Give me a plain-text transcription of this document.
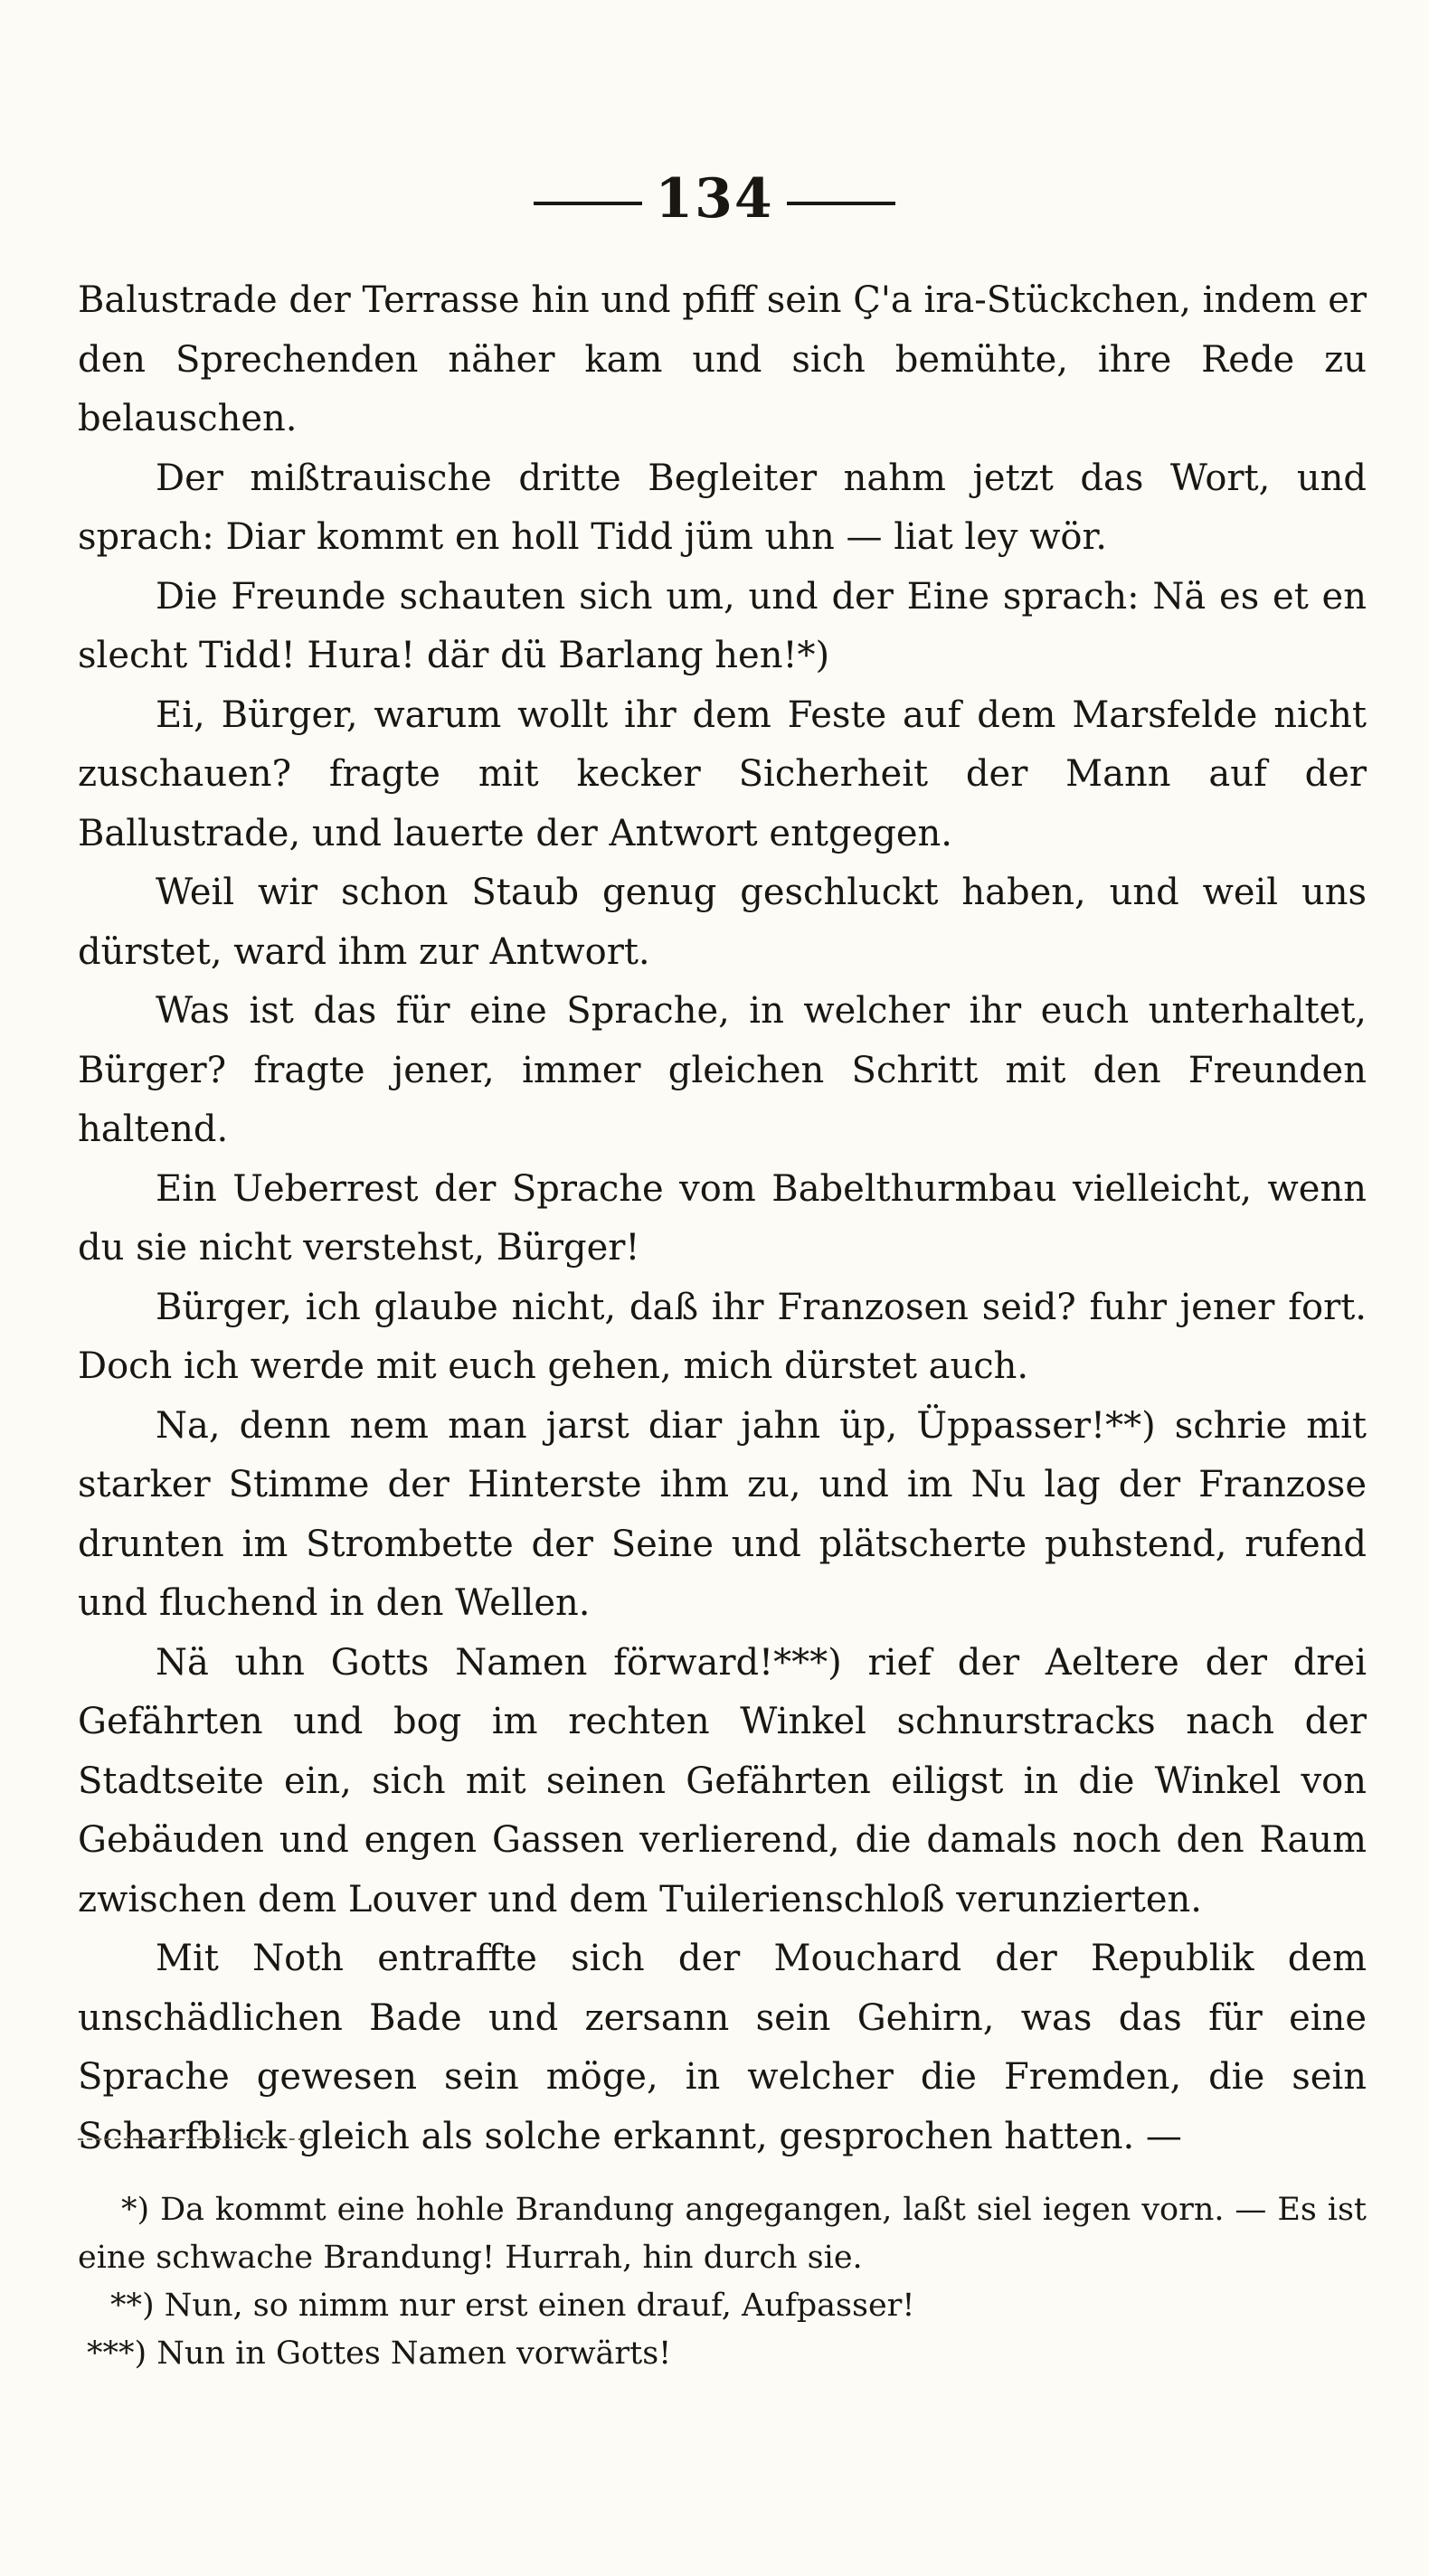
134

Balustrade der Terrasse hin und pfiff sein Ç'a ira-Stückchen, indem er den Sprechenden näher kam und sich bemühte, ihre Rede zu belauschen.

Der mißtrauische dritte Begleiter nahm jetzt das Wort, und sprach: Diar kommt en holl Tidd jüm uhn — liat ley wör.

Die Freunde schauten sich um, und der Eine sprach: Nä es et en slecht Tidd! Hura! där dü Barlang hen!*)

Ei, Bürger, warum wollt ihr dem Feste auf dem Marsfelde nicht zuschauen? fragte mit kecker Sicherheit der Mann auf der Ballustrade, und lauerte der Antwort entgegen.

Weil wir schon Staub genug geschluckt haben, und weil uns dürstet, ward ihm zur Antwort.

Was ist das für eine Sprache, in welcher ihr euch unterhaltet, Bürger? fragte jener, immer gleichen Schritt mit den Freunden haltend.

Ein Ueberrest der Sprache vom Babelthurmbau vielleicht, wenn du sie nicht verstehst, Bürger!

Bürger, ich glaube nicht, daß ihr Franzosen seid? fuhr jener fort. Doch ich werde mit euch gehen, mich dürstet auch.

Na, denn nem man jarst diar jahn üp, Üppasser!**) schrie mit starker Stimme der Hinterste ihm zu, und im Nu lag der Franzose drunten im Strombette der Seine und plätscherte puhstend, rufend und fluchend in den Wellen.

Nä uhn Gotts Namen förward!***) rief der Aeltere der drei Gefährten und bog im rechten Winkel schnurstracks nach der Stadtseite ein, sich mit seinen Gefährten eiligst in die Winkel von Gebäuden und engen Gassen verlierend, die damals noch den Raum zwischen dem Louver und dem Tuilerienschloß verunzierten.

Mit Noth entraffte sich der Mouchard der Republik dem unschädlichen Bade und zersann sein Gehirn, was das für eine Sprache gewesen sein möge, in welcher die Fremden, die sein Scharfblick gleich als solche erkannt, gesprochen hatten. —

*) Da kommt eine hohle Brandung angegangen, laßt siel iegen vorn. — Es ist eine schwache Brandung! Hurrah, hin durch sie.

**) Nun, so nimm nur erst einen drauf, Aufpasser!

***) Nun in Gottes Namen vorwärts!
